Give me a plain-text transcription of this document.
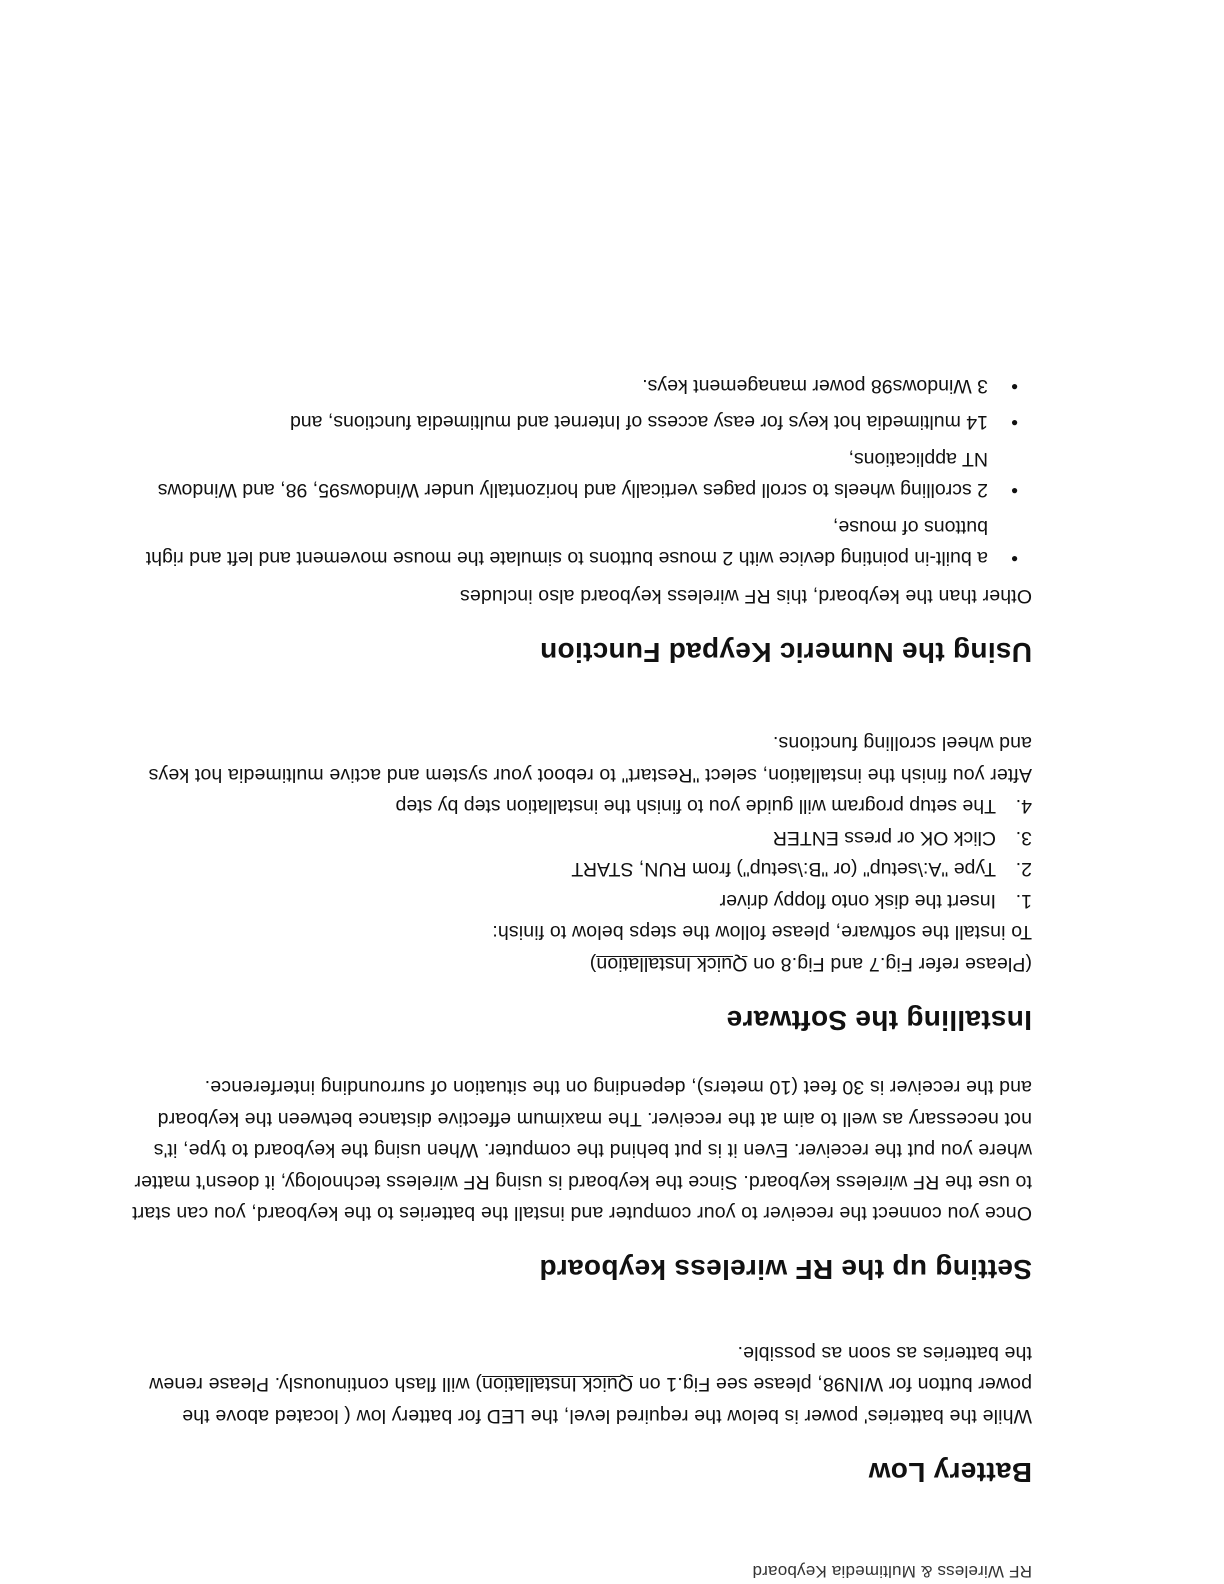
RF Wireless & Multimedia Keyboard
Battery Low

While the batteries' power is below the required level, the LED for battery low ( located above the power button for WIN98, please see Fig.1 on Quick Installation) will flash continuously. Please renew the batteries as soon as possible.

Setting up the RF wireless keyboard

Once you connect the receiver to your computer and install the batteries to the keyboard, you can start to use the RF wireless keyboard. Since the keyboard is using RF wireless technology, it doesn't matter where you put the receiver. Even it is put behind the computer. When using the keyboard to type, it's not necessary as well to aim at the receiver. The maximum effective distance between the keyboard and the receiver is 30 feet (10 meters), depending on the situation of surrounding interference.

Installing the Software

(Please refer Fig.7 and Fig.8 on Quick Installation)

To install the software, please follow the steps below to finish:

1.
Insert the disk onto floppy driver
2.
Type "A:\setup" (or "B:\setup") from RUN, START
3.
Click OK or press ENTER
4.
The setup program will guide you to finish the installation step by step

After you finish the installation, select "Restart" to reboot your system and active multimedia hot keys and wheel scrolling functions.

Using the Numeric Keypad Function

Other than the keyboard, this RF wireless keyboard also includes

•
a built-in pointing device with 2 mouse buttons to simulate the mouse movement and left and right buttons of mouse,
•
2 scrolling wheels to scroll pages vertically and horizontally under Windows95, 98, and Windows NT applications,
•
14 multimedia hot keys for easy access of Internet and multimedia functions, and
•
3 Windows98 power management keys.
